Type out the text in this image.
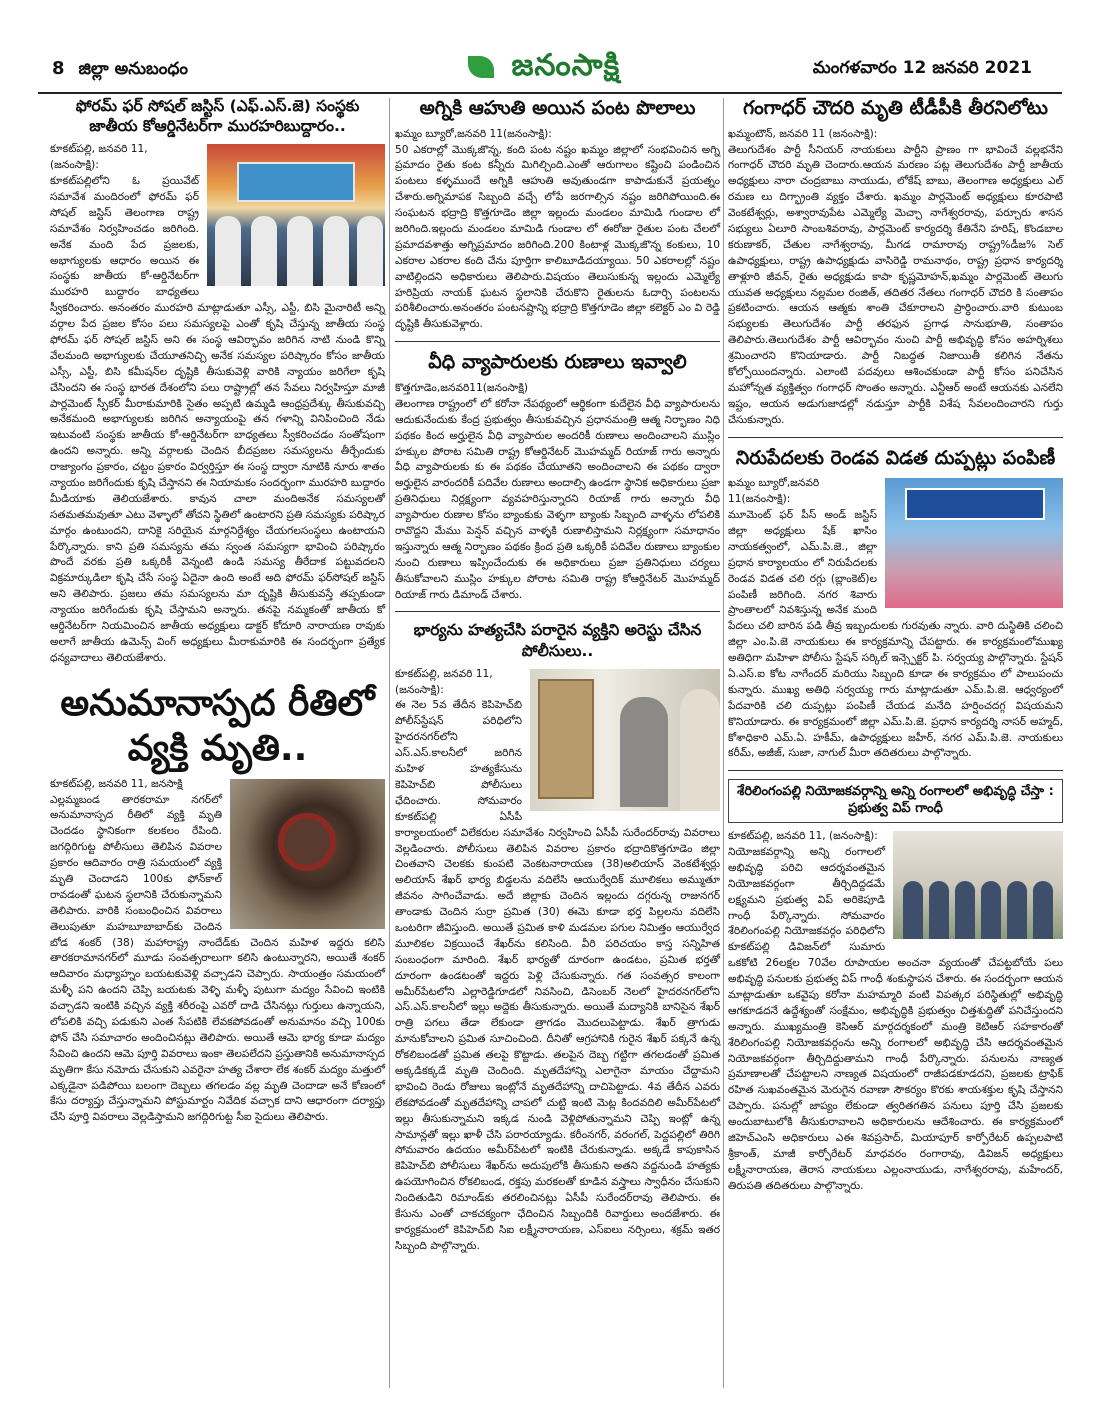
8 జిల్లా అనుబంధం	జనంసాక్షి	మంగళవారం 12 జనవరి 2021
ఫోరమ్ ఫర్ సోషల్ జస్టిస్ (ఎఫ్.ఎస్.జె) సంస్థకు జాతీయ కోఆర్డినేటర్‌గా మురహరిబుద్దారం..
కూకట్‌పల్లి, జనవరి 11, (జనంసాక్షి):
కూకట్‌పల్లిలోని ఓ ప్రయివేట్ సమావేశ మందిరంలో ఫోరమ్ ఫర్ సోషల్ జస్టిస్ తెలంగాణ రాష్ట్ర సమావేశం నిర్వహించడం జరిగింది. అనేక మంది పేద ప్రజలకు, అభాగ్యులకు ఆధారం అయిన ఈ సంస్థకు జాతీయ కో-ఆర్డినేటర్‌గా మురహరి బుద్దారం బాధ్యతలు స్వీకరించారు. అనంతరం మురహరి మాట్లాడుతూ ఎస్సీ, ఎస్టీ, బిసి మైనారిటీ అన్ని వర్గాల పేద ప్రజల కోసం పలు సమస్యలపై ఎంతో కృషి చేస్తున్న జాతీయ సంస్థ ఫోరమ్ ఫర్ సోషల్ జస్టిస్ అని ఈ సంస్థ ఆవిర్భావం జరిగిన నాటి నుండి కొన్ని వేలమంది అభాగ్యులకు చేయూతనిచ్చి అనేక సమస్యల పరిష్కారం కోసం జాతీయ ఎస్సీ, ఎస్టీ, బిసి కమీషన్‌ల దృష్టికి తీసుకువెళ్లి వారికి న్యాయం జరిగేలా కృషి చేసిందని ఈ సంస్థ భారత దేశంలోని పలు రాష్ట్రాల్లో తన సేవలు నిర్వహిస్తూ మాజీ పార్లమెంట్ స్పీకర్ మీరాకుమారికి సైతం అప్పటి ఉమ్మడి ఆంధ్రప్రదేశ్కు తీసుకువచ్చి అనేకమంది అభాగ్యులకు జరిగిన అన్యాయంపై తన గళాన్ని వినిపించింది నేడు ఇటువంటి సంస్థకు జాతీయ కో-ఆర్డినేటర్‌గా బాధ్యతలు స్వీకరించడం సంతోషంగా ఉందని అన్నారు. అన్ని వర్గాలకు చెందిన బీదప్రజల సమస్యలను తీర్చేందుకు రాజ్యాంగం ప్రకారం, చట్టం ప్రకారం విర్వర్తిస్తూ ఈ సంస్థ ద్వారా నూటికి నూరు శాతం న్యాయం జరిగేందుకు కృషి చేస్తానని ఈ నియామకం సందర్భంగా మురహరి బుద్దారం మీడియాకు తెలియజేశారు. కావున చాలా మందిఅనేక సమస్యలతో సతమతమవుతూ ఎటు వెళ్ళాలో తోచని స్థితిలో ఉంటారని ప్రతి సమస్యకు పరిష్కార మార్గం ఉంటుందని, దానికై సరియైన మార్గనిర్దేశ్యం చేయగలసంస్థలు ఉంటాయని పేర్కొన్నారు. కాని ప్రతి సమస్యను తమ స్వంత సమస్యగా భావించి పరిష్కారం పొందే వరకు ప్రతి ఒక్కరికీ వెన్నంటి ఉండి సమస్య తీరేదాక పట్టువదలని విక్రమార్కుడిలా కృషి చేసే సంస్థ ఏదైనా ఉంది అంటే అది ఫోరమ్ ఫర్‌సోషల్ జస్టిస్ అని తెలిపారు. ప్రజలు తమ సమస్యలను మా దృష్టికి తీసుకువస్తే తప్పకుండా న్యాయం జరిగేందుకు కృషి చేస్తామని అన్నారు. తనపై నమ్మకంతో జాతీయ కో ఆర్డినేటర్‌గా నియమించిన జాతీయ అధ్యక్షులు డాక్టర్ కోదూరి నారాయణ రావుకు అలాగే జాతీయ ఉమెన్స్ వింగ్ అధ్యక్షులు మీరాకుమారికి ఈ సందర్భంగా ప్రత్యేక ధన్యవాదాలు తెలియజేశారు.
అనుమానాస్పద రీతిలో వ్యక్తి మృతి..
కూకట్‌పల్లి, జనవరి 11, జనసాక్షి
ఎల్లమ్మబండ తారకరామా నగర్‌లో అనుమానాస్పద రీతిలో వ్యక్తి మృతి చెందడం స్థానికంగా కలకలం రేపింది. జగద్గిరిగుట్ట పోలీసులు తెలిపిన వివరాల ప్రకారం ఆదివారం రాత్రి సమయంలో వ్యక్తి మృతి చెందాడని 100కు ఫోన్‌కాల్ రావడంతో ఘటన స్థలానికి చేరుకున్నామని తెలిపారు. వారికి సంబంధించిన వివరాలు తెలుపుతూ మహబూబాబాద్‌కు చెందిన బోడ శంకర్ (38) మహారాష్ట్ర నాందేడ్‌కు చెందిన మహిళ ఇద్దరు కలిసి తారకరామానగర్‌లో మూడు సంవత్సరాలుగా కలిసి ఉంటున్నారని, అయితే శంకర్ ఆదివారం మధ్యాహ్నం బయటకువెళ్లి వచ్చాడని చెప్పారు. సాయంత్రం సమయంలో మళ్ళీ పని ఉందని చెప్పి బయటకు వెళ్ళి మళ్ళీ పుటుగా మద్యం సేవించి ఇంటికి వచ్చాడని ఇంటికి వచ్చిన వ్యక్తి శరీరంపై ఎవరో దాడి చేసినట్లు గుర్తులు ఉన్నాయని, లోపలికి వచ్చి పడుకుని ఎంత సేపటికి లేవకపోవడంతో అనుమానం వచ్చి 100కు ఫోన్ చేసి సమాచారం అందించినట్లు తెలిపారు. అయితే ఆమె భార్య కూడా మద్యం సేవించి ఉందని ఆమె పూర్తి వివరాలు ఇంకా తెలపలేదని ప్రస్తుతానికి అనుమానాస్పద మృతిగా కేసు నమోదు చేసుకుని ఎవరైనా హత్య చేశారా లేక శంకర్ మద్యం మత్తులో ఎక్కడైనా పడిపోయి బలంగా దెబ్బలు తగలడం వల్ల మృతి చెందాడా అనే కోణంలో కేసు దర్యాప్తు చేస్తున్నామని పోస్టుమార్టం నివేదిక వచ్చాక దాని ఆధారంగా దర్యాప్తు చేసి పూర్తి వివరాలు వెల్లడిస్తామని జగద్గిరిగుట్ట సీఐ సైదులు తెలిపారు.
అగ్నికి ఆహుతి అయిన పంట పొలాలు
ఖమ్మం బ్యూరో,జనవరి 11(జనంసాక్షి):
50 ఎకరాల్లో మొక్కజొన్న, కంది పంట నష్టం ఖమ్మం జిల్లాలో సంభవించిన అగ్ని ప్రమాదం రైతు కంట కన్నీరు మిగిల్చింది.ఎంతో ఆరుగాలం కష్టించి పండించిన పంటలు కళ్ళముందే అగ్నికి ఆహుతి అవుతుండగా కాపాడుకునే ప్రయత్నం చేశారు.అగ్నిమాపక సిబ్బంది వచ్చే లోపే జరగాల్సిన నష్టం జరిగిపోయింది.ఈ సంఘటన భద్రాద్రి కొత్తగూడెం జిల్లా ఇల్లందు మండలం మామిడి గుండాల లో జరిగింది.ఇల్లందు మండలం మామిడి గుండాల లో ఈరోజు రైతుల పంట చేలలో ప్రమాదవశాత్తు అగ్నిప్రమాదం జరిగింది.200 కింటాళ్ల మొక్కజొన్న కంకులు, 10 ఎకరాల ఎకరాల కంది చేను పూర్తిగా కాలిబూడిదయ్యాయి. 50 ఎకరాలల్లో నష్టం వాటిల్లిందని అధికారులు తెలిపారు.విషయం తెలుసుకున్న ఇల్లందు ఎమ్మెల్యే హరిప్రియ నాయక్ ఘటన స్థలానికి చేరుకొని రైతులను ఓదార్చి పంటలను పరిశీలించారు.అనంతరం పంటనష్టాన్ని భద్రాద్రి కొత్తగూడెం జిల్లా కలెక్టర్ ఎం వి రెడ్డి దృష్టికి తీసుకువెళ్లారు.
వీధి వ్యాపారులకు రుణాలు ఇవ్వాలి
కొత్తగూడెం,జనవరి11(జనంసాక్షి)
తెలంగాణ రాష్ట్రంలో లో కరోనా నేపథ్యంలో ఆర్థికంగా కుదేలైన వీధి వ్యాపారులను ఆదుకునేందుకు కేంద్ర ప్రభుత్వం తీసుకువచ్చిన ప్రధానమంత్రి ఆత్మ నిర్భాణం నిధి పథకం కింద అర్హులైన వీధి వ్యాపారుల అందరికీ రుణాలు అందించాలని ముస్లిం హక్కుల పోరాట సమితి రాష్ట్ర కోఆర్డినేటర్ మొహమ్మద్ రియాజ్ గారు అన్నారు వీధి వ్యాపారులకు కు ఈ పథకం చేయూతని అందించాలని ఈ పథకం ద్వారా అర్హులైన వారందరికీ పదివేల రుణాలు అందాల్సి ఉండగా స్థానిక అధికారులు ప్రజా ప్రతినిధులు నిర్లక్ష్యంగా వ్యవహరిస్తున్నారని రియాజ్ గారు అన్నారు వీధి వ్యాపారుల రుణాల కోసం బ్యాంకుకు వెళ్ళగా బ్యాంకు సిబ్బంది వాళ్ళను లోపలికి రావొద్దని మేము పెన్షన్ వచ్చిన వాళ్ళకి రుణాలిస్తామని నిర్లక్ష్యంగా సమాధానం ఇస్తున్నారు ఆత్మ నిర్భాణం పథకం క్రింద ప్రతి ఒక్కరికీ పదివేల రుణాలు బ్యాంకుల నుంచి రుణాలు ఇప్పించేందుకు ఈ అధికారులు ప్రజా ప్రతినిధులు చర్యలు తీసుకోవాలని ముస్లిం హక్కుల పోరాట సమితి రాష్ట్ర కోఆర్డినేటర్ మొహమ్మద్ రియాజ్ గారు డిమాండ్ చేశారు.
భార్యను హత్యచేసి పరారైన వ్యక్తిని అరెస్టు చేసిన పోలీసులు..
కూకట్‌పల్లి, జనవరి 11, (జనంసాక్షి):
ఈ నెల 5వ తేదీన కెపిహెచ్‌బి పోలీస్‌స్టేషన్ పరిధిలోని హైదరనగర్‌లోని ఎస్.ఎస్.కాలనీలో జరిగిన మహిళ హత్యకేసును కెపిహెచ్‌బి పోలీసులు ఛేదించారు. సోమవారం కూకట్‌పల్లి ఏసీపీ కార్యాలయంలో విలేకరుల సమావేశం నిర్వహించి ఏసీపీ సురేందర్‌రావు వివరాలు వెల్లడించారు. పోలీసులు తెలిపిన వివరాల ప్రకారం భద్రాదికొత్తగూడెం జిల్లా చింతవాని చెలకకు కుంపటి వెంకటనారాయణ (38)అలియాస్ వెంకటేశ్వర్లు అలియాస్ శేఖర్ భార్య బిడ్డలను వదిలేసి ఆయుర్వేదిక్ మూలికలు అమ్ముతూ జీవనం సాగించేవాడు. అదే జిల్లాకు చెందిన ఇల్లందు దగ్గరున్న రాజునగర్ తాండాకు చెందిన సుర్రా ప్రమిత (30) ఈమె కూడా భర్త పిల్లలను వదిలేసి ఒంటరిగా జీవిస్తుంది. అయితే ప్రమిత కాళి మడమల పగుల నిమిత్తం ఆయుర్వేద మూలికల విక్రయించే శేఖర్‌ను కలిసింది. వీరి పరిచయం కాస్త సన్నిహిత సంబంధంగా మారింది. శేఖర్ భార్యతో దూరంగా ఉండటం, ప్రమిత భర్తతో దూరంగా ఉండటంతో ఇద్దరు పెళ్లి చేసుకున్నారు. గత సంవత్సర కాలంగా అమీర్‌పేటలోని ఎల్లారెడ్డిగూడలో నివసించి, డిసెంబర్ నెలలో హైదరనగర్‌లోని ఎస్.ఎస్.కాలనీలో ఇల్లు అద్దెకు తీసుకున్నారు. అయితే మద్యానికి బానిసైన శేఖర్ రాత్రి పగలు తేడా లేకుండా త్రాగడం మొదలుపెట్టాడు. శేఖర్ త్రాగుడు మానుకోవాలని ప్రమిత సూచించింది. దీనితో ఆగ్రహానికి గురైన శేఖర్ పక్కనే ఉన్న రోకలిబండతో ప్రమిత తలపై కొట్టాడు. తలపైన దెబ్బ గట్టిగా తగలడంతో ప్రమిత అక్కడికక్కడే మృతి చెందింది. మృతదేహాన్ని ఎలాగైనా మాయం చేద్దామని భావించి రెండు రోజులు ఇంట్లోనే మృతదేహాన్ని దాచిపెట్టాడు. 4వ తేదీన ఎవరు లేకపోవడంతో మృతదేహాన్ని చాపలో చుట్టి ఇంటి మెట్ల కిందవదిలి అమీర్‌పేటలో ఇల్లు తీసుకున్నామని ఇక్కడ నుండి వెళ్లిపోతున్నామని చెప్పి ఇంట్లో ఉన్న సామాన్లతో ఇల్లు ఖాళీ చేసి పరారయ్యాడు. కరీంనగర్, వరంగల్, పెద్దపల్లిలో తిరిగి సోమవారం ఉదయం అమీర్‌పేటలో ఇంటికి చేరుకున్నాడు. అక్కడే కాపుకాసిన కెపిహెచ్‌బి పోలీసులు శేఖర్‌ను అదుపులోకి తీసుకుని అతని వద్దనుండి హత్యకు ఉపయోగించిన రోకలిబండ, రక్తపు మరకలతో కూడిన వస్త్రాలు స్వాధీనం చేసుకుని నిందితుడిని రిమాండ్‌కు తరలించినట్లు ఏసీపీ సురేందర్‌రావు తెలిపారు. ఈ కేసును ఎంతో చాకచక్యంగా ఛేదించిన సిబ్బందికి రివార్డులు అందజేశారు. ఈ కార్యక్రమంలో కెపిహెచ్‌బి సిఐ లక్ష్మీనారాయణ, ఎస్ఐలు నర్సింలు, శక్రమ్ ఇతర సిబ్బంది పాల్గొన్నారు.
గంగాధర్ చౌదరి మృతి టీడీపీకి తీరనిలోటు
ఖమ్మంటౌన్, జనవరి 11 (జనంసాక్షి):
తెలుగుదేశం పార్టీ సీనియర్ నాయకులు పార్టీని ప్రాణం గా భావించే వల్లభనేని గంగాధర్ చౌదరి మృతి చెందారు.ఆయన మరణం పట్ల తెలుగుదేశం పార్టీ జాతీయ అధ్యక్షులు నారా చంద్రబాబు నాయుడు, లోకేష్ బాబు, తెలంగాణ అధ్యక్షులు ఎల్ రమణ లు దిగ్భ్రాంతి వ్యక్తం చేశారు. ఖమ్మం పార్లమెంట్ అధ్యక్షులు కూరపాటి వెంకటేశ్వర్లు, అశ్వారావుపేట ఎమ్మెల్యే మెచ్చా నాగేశ్వరరావు, పర్చూరు శాసన సభ్యులు ఏలూరి సాంబశివరావు, పార్లమెంట్ కార్యదర్శి కేతినేని హరిష్, కొండబాల కరుణాకర్, చేతుల నాగేశ్వరావు, మీగడ రామారావు రాష్ట్ర%డీజ% సెల్ ఉపాధ్యక్షులు, రాష్ట్ర ఉపాధ్యక్షుడు వాసిరెడ్డి రామనాథం, రాష్ట్ర ప్రధాన కార్యదర్శి తాళ్లూరి జీవన్, రైతు అధ్యక్షుడు కాపా కృష్ణమోహన్,ఖమ్మం పార్లమెంట్ తెలుగు యువత అధ్యక్షులు నల్లమల రంజిత్, తదితర నేతలు గంగాధర్ చౌదరి కి సంతాపం ప్రకటించారు. ఆయన ఆత్మకు శాంతి చేకూరాలని ప్రార్ధించారు.వారి కుటుంబ సభ్యులకు తెలుగుదేశం పార్టీ తరఫున ప్రగాఢ సానుభూతి, సంతాపం తెలిపారు.తెలుగుదేశం పార్టీ ఆవిర్భావం నుంచి పార్టీ అభివృద్ధి కోసం అహర్నిశలు శ్రమించారని కొనియాడారు. పార్టీ నిబద్ధత నిజాయితీ కలిగిన నేతను కోల్పోయిందన్నారు. ఎలాంటి పదవులు ఆశించకుండా పార్టీ కోసం పనిచేసిన మహోన్నత వ్యక్తిత్వం గంగాధర్ సొంతం అన్నారు. ఎన్టీఆర్ అంటే ఆయనకు ఎనలేని ఇష్టం, ఆయన అడుగుజాడల్లో నడుస్తూ పార్టీకి విశేష సేవలందించారని గుర్తు చేసుకున్నారు.
నిరుపేదలకు రెండవ విడత దుప్పట్లు పంపిణీ
ఖమ్మం బ్యూరో,జనవరి 11(జనంసాక్షి):
మూమెంట్ ఫర్ పీస్ అండ్ జస్టిస్ జిల్లా అధ్యక్షులు షేక్ ఖాసిం నాయకత్వంలో, ఎమ్.పి.జె., జిల్లా ప్రధాన కార్యాలయం లో నిరుపేదలకు రెండవ విడత చలి రగ్గు (బ్లాంకెట్)ల పంపిణీ జరిగింది. నగర శివారు ప్రాంతాలలో నివశిస్తున్న అనేక మంది పేదలు చలి బారిన పడి తీవ్ర ఇబ్బందులకు గురవుతు న్నారు. వారి దుస్థితికి చలించి జిల్లా ఎం.పి.జె నాయకులు ఈ కార్యక్రమాన్ని చేపట్టారు. ఈ కార్యక్రమంలోముఖ్య అతిధిగా మహిళా పోలీసు స్టేషన్ సర్కిల్ ఇన్స్పెక్టర్ పి. సర్వయ్య పాల్గొన్నారు. స్టేషన్ ఏ.ఎస్.ఐ కోట నాగేందర్ మరియు సిబ్బంది కూడా ఈ కార్యక్రమం లో పాలుపంచు కున్నారు. ముఖ్య అతిధి సర్వయ్య గారు మాట్లాడుతూ ఎమ్.పి.జె. ఆధ్వర్యంలో పేదవారికి చలి దుప్పట్లు పంపిణీ చేయడ మనేది హర్షించదగ్గ విషయమని కొనియాడారు. ఈ కార్యక్రమంలో జిల్లా ఎమ్.పి.జె. ప్రధాన కార్యదర్శి నాసర్ అహ్మద్, కోశాధికారి ఎమ్.ఏ. హకీమ్, ఉపాధ్యక్షులు జహీర్, నగర ఎమ్.పి.జె. నాయకులు కరీమ్, అజీజ్, సుజా, నాగుల్ మీరా తదితరులు పాల్గొన్నారు.
శేరిలింగంపల్లి నియోజకవర్గాన్ని అన్ని రంగాలలో అభివృద్ధి చేస్తా : ప్రభుత్వ విప్ గాంధీ
కూకట్‌పల్లి, జనవరి 11, (జనంసాక్షి):
నియోజకవర్గాన్ని అన్ని రంగాలలో అభివృద్ధి పరిచి ఆదర్శవంతమైన నియోజకవర్గంగా తీర్చిదిద్దడమే లక్ష్యమని ప్రభుత్వ విప్ అరికెపూడి గాంధీ పేర్కొన్నారు. సోమవారం శేరిలింగంపల్లి నియోజకవర్గం పరిధిలోని కూకట్‌పల్లి డివిజన్‌లో సుమారు ఒకకోటి 26లక్షల 70వేల రూపాయల అంచనా వ్యయంతో చేపట్టబోయే పలు అభివృద్ధి పనులకు ప్రభుత్వ విప్ గాంధీ శంకుస్థాపన చేశారు. ఈ సందర్భంగా ఆయన మాట్లాడుతూ ఒకవైపు కరోనా మహమ్మారి వంటి విపత్కర పరిస్థితుల్లో అభివృద్ధి ఆగకూడదనే ఉద్దేశ్యంతో సంక్షేమం, అభివృద్ధికి ప్రభుత్వం చిత్తశుద్ధితో పనిచేస్తుందని అన్నారు. ముఖ్యమంత్రి కెసిఆర్ మార్గదర్శకంలో మంత్రి కెటిఆర్ సహకారంతో శేరిలింగంపల్లి నియోజకవర్గంను అన్ని రంగాలలో అభివృద్ధి చేసి ఆదర్శవంతమైన నియోజకవర్గంగా తీర్చిదిద్దుతామని గాంధీ పేర్కొన్నారు. పనులను నాణ్యత ప్రమాణాలతో చేపట్టాలని నాణ్యత విషయంలో రాజీపడకూడదని, ప్రజలకు ట్రాఫిక్ రహిత సుఖవంతమైన మెరుగైన రవాణా సౌకర్యం కొరకు శాయశక్తుల కృషి చేస్తానని చెప్పారు. పనుల్లో జాప్యం లేకుండా త్వరితగతిన పనులు పూర్తి చేసి ప్రజలకు అందుబాటులోకి తీసుకురావాలని అధికారులను ఆదేశించారు. ఈ కార్యక్రమంలో జిహెచ్ఎంసి అధికారులు ఎఈ శివప్రసాద్, మియాపూర్ కార్పోరేటర్ ఉప్పలపాటి శ్రీకాంత్, మాజీ కార్పోరేటర్ మాధవరం రంగారావు, డివిజన్ అధ్యక్షులు లక్ష్మీనారాయణ, తెరాస నాయకులు ఎల్లంనాయుడు, నాగేశ్వరరావు, మహేందర్, తిరుపతి తదితరులు పాల్గొన్నారు.
